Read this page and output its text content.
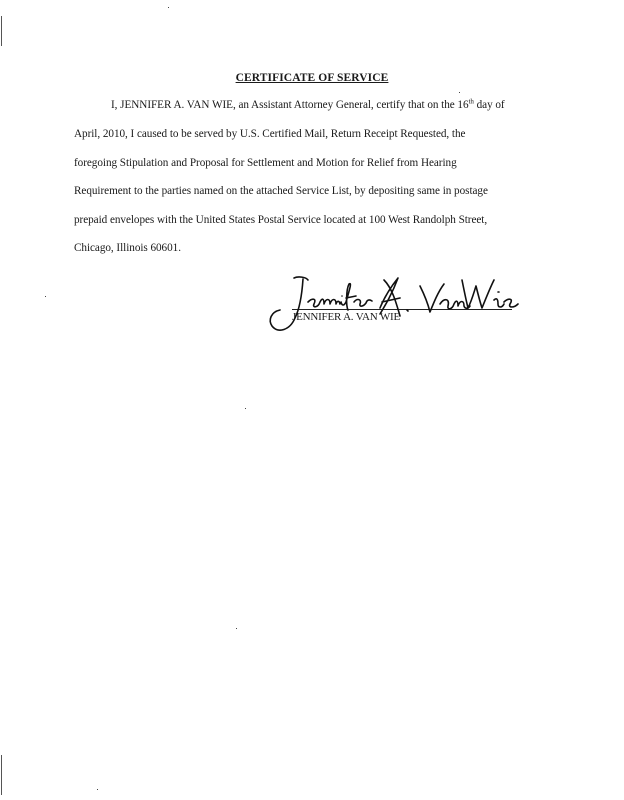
CERTIFICATE OF SERVICE
I, JENNIFER A. VAN WIE, an Assistant Attorney General, certify that on the 16th day of
April, 2010, I caused to be served by U.S. Certified Mail, Return Receipt Requested, the
foregoing Stipulation and Proposal for Settlement and Motion for Relief from Hearing
Requirement to the parties named on the attached Service List, by depositing same in postage
prepaid envelopes with the United States Postal Service located at 100 West Randolph Street,
Chicago, Illinois 60601.
JENNIFER A. VAN WIE
